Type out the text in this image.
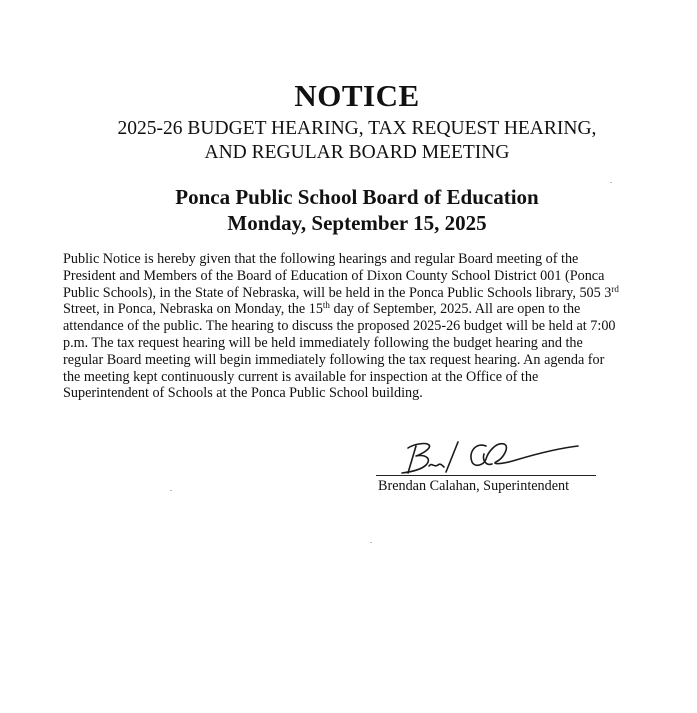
NOTICE
2025-26 BUDGET HEARING, TAX REQUEST HEARING,
AND REGULAR BOARD MEETING
Ponca Public School Board of Education
Monday, September 15, 2025

Public Notice is hereby given that the following hearings and regular Board meeting of the President and Members of the Board of Education of Dixon County School District 001 (Ponca Public Schools), in the State of Nebraska, will be held in the Ponca Public Schools library, 505 3rd Street, in Ponca, Nebraska on Monday, the 15th day of September, 2025. All are open to the attendance of the public. The hearing to discuss the proposed 2025-26 budget will be held at 7:00 p.m. The tax request hearing will be held immediately following the budget hearing and the regular Board meeting will begin immediately following the tax request hearing. An agenda for the meeting kept continuously current is available for inspection at the Office of the Superintendent of Schools at the Ponca Public School building.

Brendan Calahan, Superintendent
